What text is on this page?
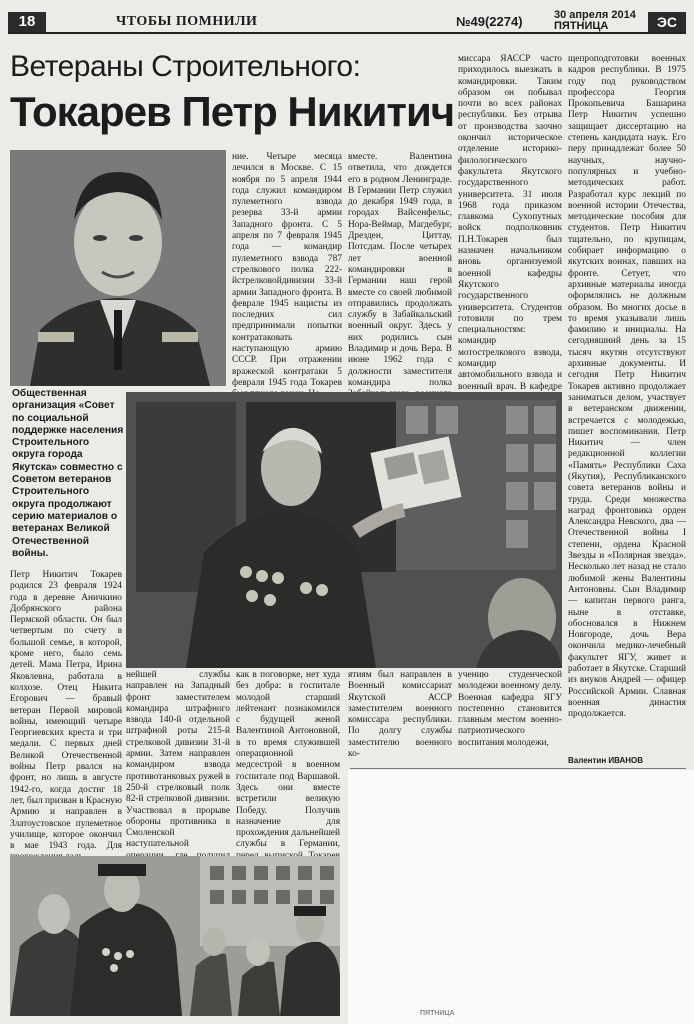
18	ЧТОБЫ ПОМНИЛИ	№49(2274)	30 апреля 2014
ПЯТНИЦА	ЭС
Ветераны Строительного:
Токарев Петр Никитич
ние. Четыре месяца лечился в Москве. С 15 ноября по 5 апреля 1944 года служил командиром пулеметного взвода резерва 33-й армии Западного фронта. С 5 апреля по 7 февраля 1945 года — командир пулеметного взвода 787 стрелкового полка 222-йстрелковойдивизии 33-й армии Западного фронта. В феврале 1945 нацисты из последних сил предпринимали попытки контратаковать наступающую армию СССР. При отражении вражеской контратаки 5 февраля 1945 года Токарев
вместе. Валентина ответила, что дождется его в родном Ленинграде. В Германии Петр служил до декабря 1949 года, в городах Вайсенфельс, Нора-Веймар, Магдебург, Дрезден, Циттау, Потсдам. После четырех лет военной командировки в Германии наш герой вместе со своей любимой отправились продолжать службу в Забайкальский военный округ. Здесь у них родились сын Владимир и дочь Вера. В июне 1962 года с должности заместителя командира полка
миссара ЯАССР часто приходилось выезжать в командировки. Таким образом он побывал почти во всех районах республики. Без отрыва от производства заочно окончил историческое отделение историко-филологического факультета Якутского государственного университета. 31 июля 1968 года приказом главкома Сухопутных войск подполковник П.Н.Токарев был назначен начальником вновь организуемой военной кафедры Якутского государственного университета. Студентов готовили по трем специальностям: командир мотострелкового взвода, командир автомобильного взвода и военный врач. В кафедре
щепроподготовки военных кадров республики. В 1975 году под руководством профессора Георгия Прокопьевича Башарина Петр Никитич успешно защищает диссертацию на степень кандидата наук. Его перу принадлежат более 50 научных, научно-популярных и учебно-методических работ. Разработал курс лекций по военной истории Отечества, методические пособия для студентов. Петр Никитич тщательно, по крупицам, собирает информацию о якутских воинах, павших на фронте. Сетует, что архивные материалы иногда оформлялись не должным образом. Во многих досье в то время указывали лишь фамилию и инициалы. На сегодняшний день за 15 тысяч якутян отсутствуют архивные документы. И сегодня Петр Никитич Токарев активно продолжает заниматься делом, участвует в ветеранском движении, встречается с молодежью, пишет воспоминания. Петр Никитич — член редакционной коллегии «Память» Республики Саха (Якутия), Республиканского совета ветеранов войны и труда. Среди множества наград фронтовика орден Александра Невского, два — Отечественной войны I степени, ордена Красной Звезды и «Полярная звезда». Несколько лет назад не стало любимой жены Валентины Антоновны. Сын Владимир — капитан первого ранга, ныне в отставке, обосновался в Нижнем Новгороде, дочь Вера окончила медико-лечебный факультет ЯГУ, живет и работает в Якутске. Старший из внуков Андрей — офицер Российской Армии. Славная военная династия продолжается.
Общественная организация «Совет по социальной поддержке населения Строительного округа города Якутска» совместно с Советом ветеранов Строительного округа продолжают серию материалов о ветеранах Великой Отечественной войны.
Петр Никитич Токарев родился 23 февраля 1924 года в деревне Аничкино Добрянского района Пермской области. Он был четвертым по счету в большой семье, в которой, кроме него, было семь детей. Мама Петра, Ирина Яковлевна, работала в колхозе. Отец Никита Егорович — бравый ветеран Первой мировой войны, имеющий четыре Георгиевских креста и три медали. С первых дней Великой Отечественной войны Петр рвался на фронт, но лишь в августе 1942-го, когда достиг 18 лет, был призван в Красную Армию и направлен в Златоустовское пулеметное училище, которое окончил в мае 1943 года. Для
нейшей службы направлен на Западный фронт заместителем командира штрафного взвода 140-й отдельной штрафной роты 215-й стрелковой дивизии 31-й армии. Затем направлен командиром взвода противотанковых ружей в 250-й стрелковый полк 82-й стрелковой дивизии. Участвовал в прорыве обороны противника в Смоленской наступательной
как в поговорке, нет худа без добра: в госпитале молодой старший лейтенант познакомился с будущей женой Валентиной Антоновной, в то время служившей операционной медсестрой в военном госпитале под Варшавой. Здесь они вместе встретили великую Победу. Получив назначение для прохождения дальнейшей службы в Германии,
ятиям был направлен в Военный комиссариат Якутской АССР заместителем военного комиссара республики. По долгу службы заместителю военного ко-
учению студенческой молодежи военному делу. Военная кафедра ЯГУ постепенно становится главным местом военно-патриотического воспитания молодежи,
Валентин ИВАНОВ
ПЯТНИЦА
